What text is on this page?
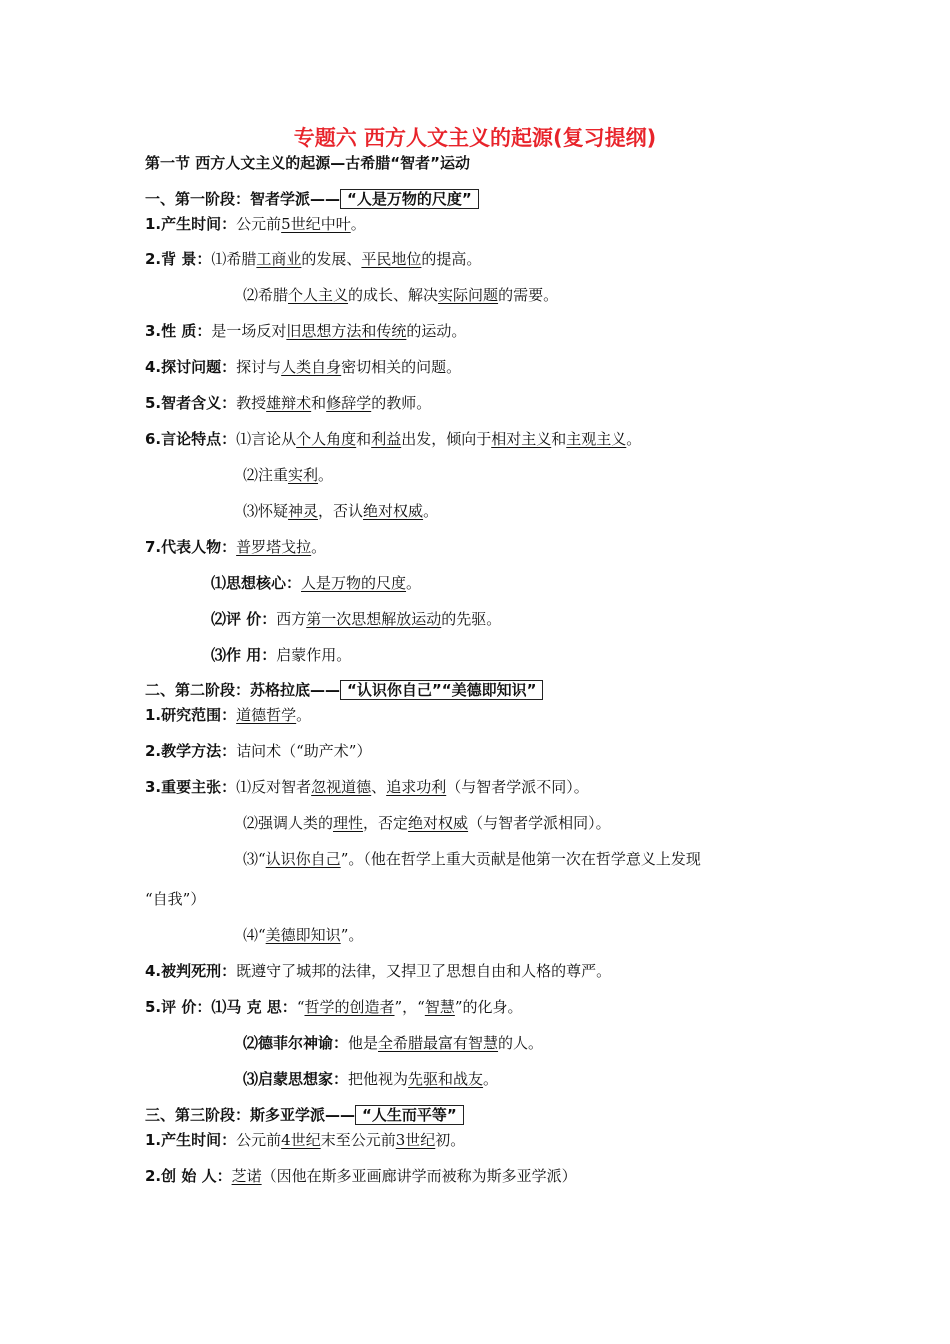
专题六 西方人文主义的起源(复习提纲)
第一节 西方人文主义的起源—古希腊“智者”运动
一、第一阶段：智者学派—— “人是万物的尺度”
1.产生时间：公元前5世纪中叶。
2.背 景：⑴希腊工商业的发展、平民地位的提高。
⑵希腊个人主义的成长、解决实际问题的需要。
3.性 质：是一场反对旧思想方法和传统的运动。
4.探讨问题：探讨与人类自身密切相关的问题。
5.智者含义：教授雄辩术和修辞学的教师。
6.言论特点：⑴言论从个人角度和利益出发，倾向于相对主义和主观主义。
⑵注重实利。
⑶怀疑神灵，否认绝对权威。
7.代表人物：普罗塔戈拉。
⑴思想核心：人是万物的尺度。
⑵评 价：西方第一次思想解放运动的先驱。
⑶作 用：启蒙作用。
二、第二阶段：苏格拉底—— “认识你自己”“美德即知识”
1.研究范围：道德哲学。
2.教学方法：诘问术（“助产术”）
3.重要主张：⑴反对智者忽视道德、追求功利（与智者学派不同）。
⑵强调人类的理性，否定绝对权威（与智者学派相同）。
⑶“认识你自己”。（他在哲学上重大贡献是他第一次在哲学意义上发现
“自我”）
⑷“美德即知识”。
4.被判死刑：既遵守了城邦的法律，又捍卫了思想自由和人格的尊严。
5.评 价：⑴马 克 思：“哲学的创造者”，“智慧”的化身。
⑵德菲尔神谕：他是全希腊最富有智慧的人。
⑶启蒙思想家：把他视为先驱和战友。
三、第三阶段：斯多亚学派—— “人生而平等”
1.产生时间：公元前4世纪末至公元前3世纪初。
2.创 始 人：芝诺（因他在斯多亚画廊讲学而被称为斯多亚学派）
